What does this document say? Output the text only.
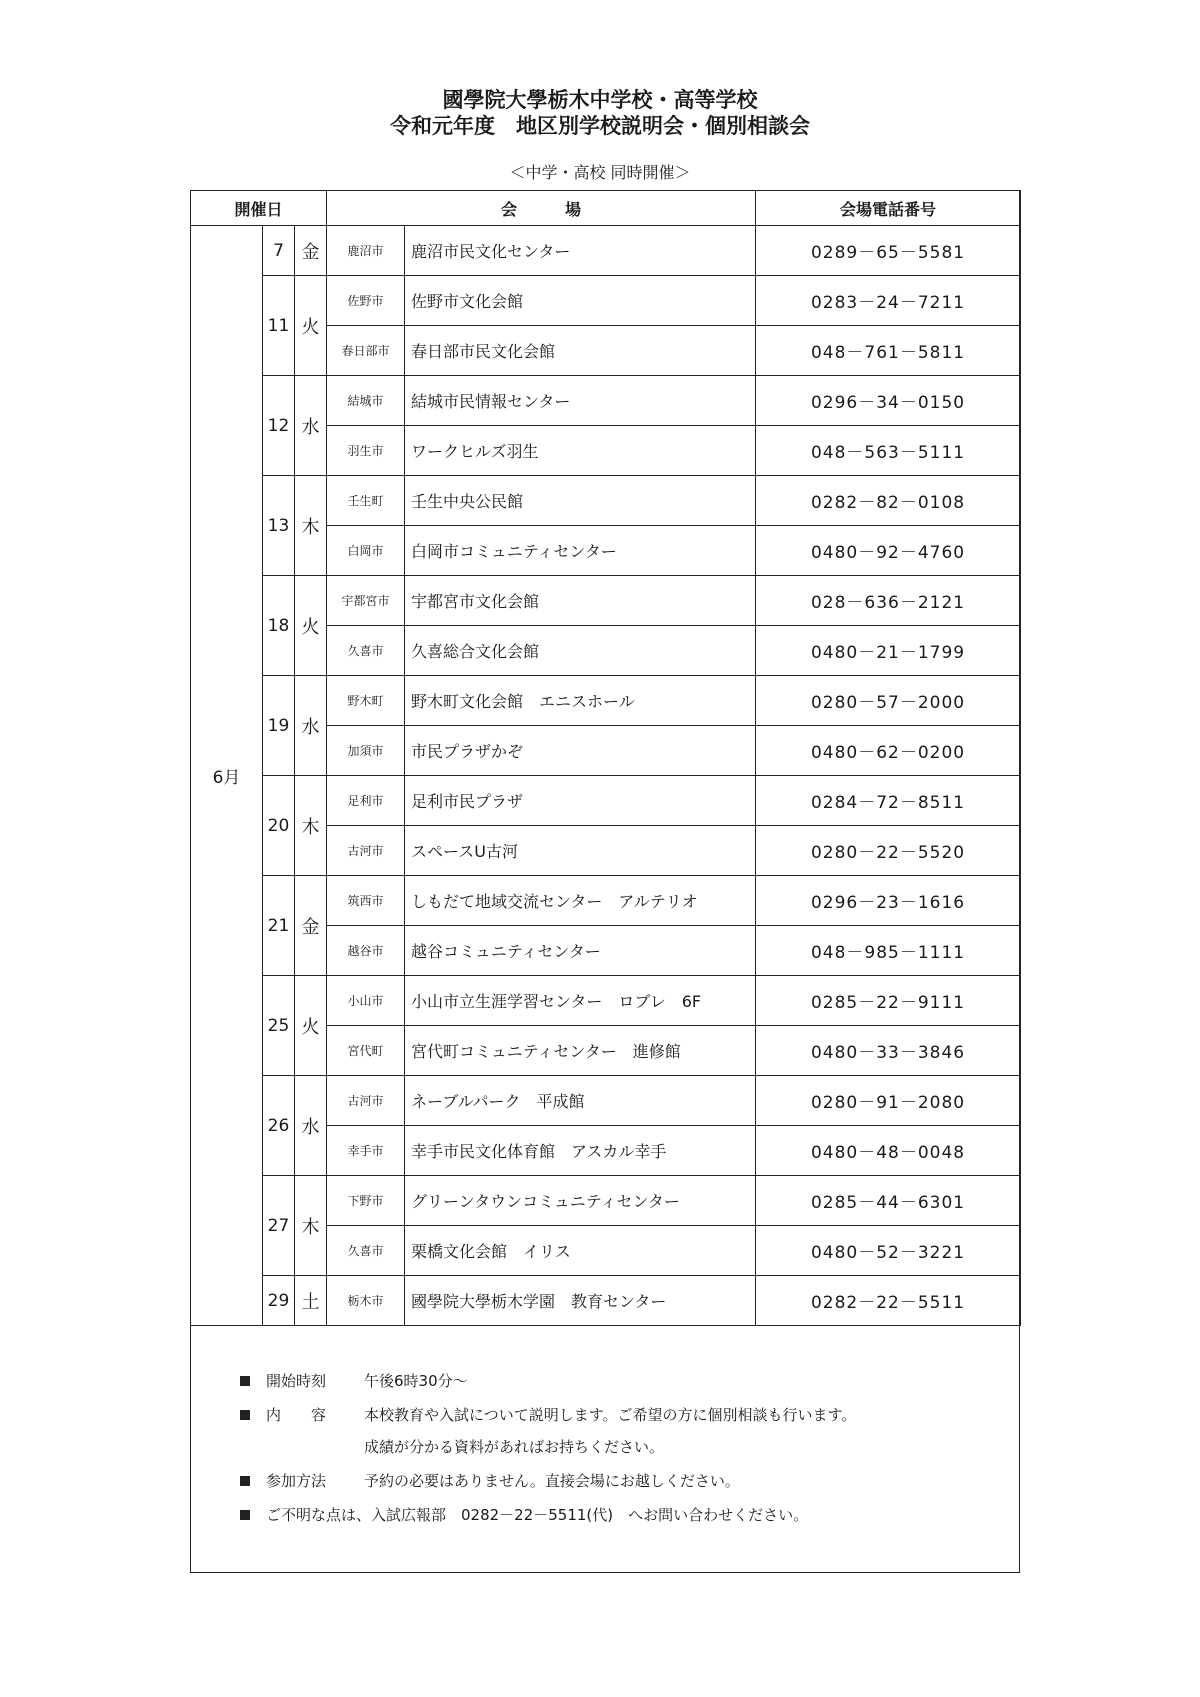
國學院大學栃木中学校・高等学校
令和元年度　地区別学校説明会・個別相談会
＜中学・高校 同時開催＞
開催日			会　　　場		会場電話番号
6月	7	金	鹿沼市	鹿沼市民文化センター	0289－65－5581
	11	火	佐野市	佐野市文化会館	0283－24－7211
			春日部市	春日部市民文化会館	048－761－5811
	12	水	結城市	結城市民情報センター	0296－34－0150
			羽生市	ワークヒルズ羽生	048－563－5111
	13	木	壬生町	壬生中央公民館	0282－82－0108
			白岡市	白岡市コミュニティセンター	0480－92－4760
	18	火	宇都宮市	宇都宮市文化会館	028－636－2121
			久喜市	久喜総合文化会館	0480－21－1799
	19	水	野木町	野木町文化会館　エニスホール	0280－57－2000
			加須市	市民プラザかぞ	0480－62－0200
	20	木	足利市	足利市民プラザ	0284－72－8511
			古河市	スペースU古河	0280－22－5520
	21	金	筑西市	しもだて地域交流センター　アルテリオ	0296－23－1616
			越谷市	越谷コミュニティセンター	048－985－1111
	25	火	小山市	小山市立生涯学習センター　ロブレ　6F	0285－22－9111
			宮代町	宮代町コミュニティセンター　進修館	0480－33－3846
	26	水	古河市	ネーブルパーク　平成館	0280－91－2080
			幸手市	幸手市民文化体育館　アスカル幸手	0480－48－0048
	27	木	下野市	グリーンタウンコミュニティセンター	0285－44－6301
			久喜市	栗橋文化会館　イリス	0480－52－3221
	29	土	栃木市	國學院大學栃木学園　教育センター	0282－22－5511
開始時刻	午後6時30分～
内　　容	本校教育や入試について説明します。ご希望の方に個別相談も行います。
成績が分かる資料があればお持ちください。
参加方法	予約の必要はありません。直接会場にお越しください。
ご不明な点は、入試広報部　0282－22－5511(代)　へお問い合わせください。
